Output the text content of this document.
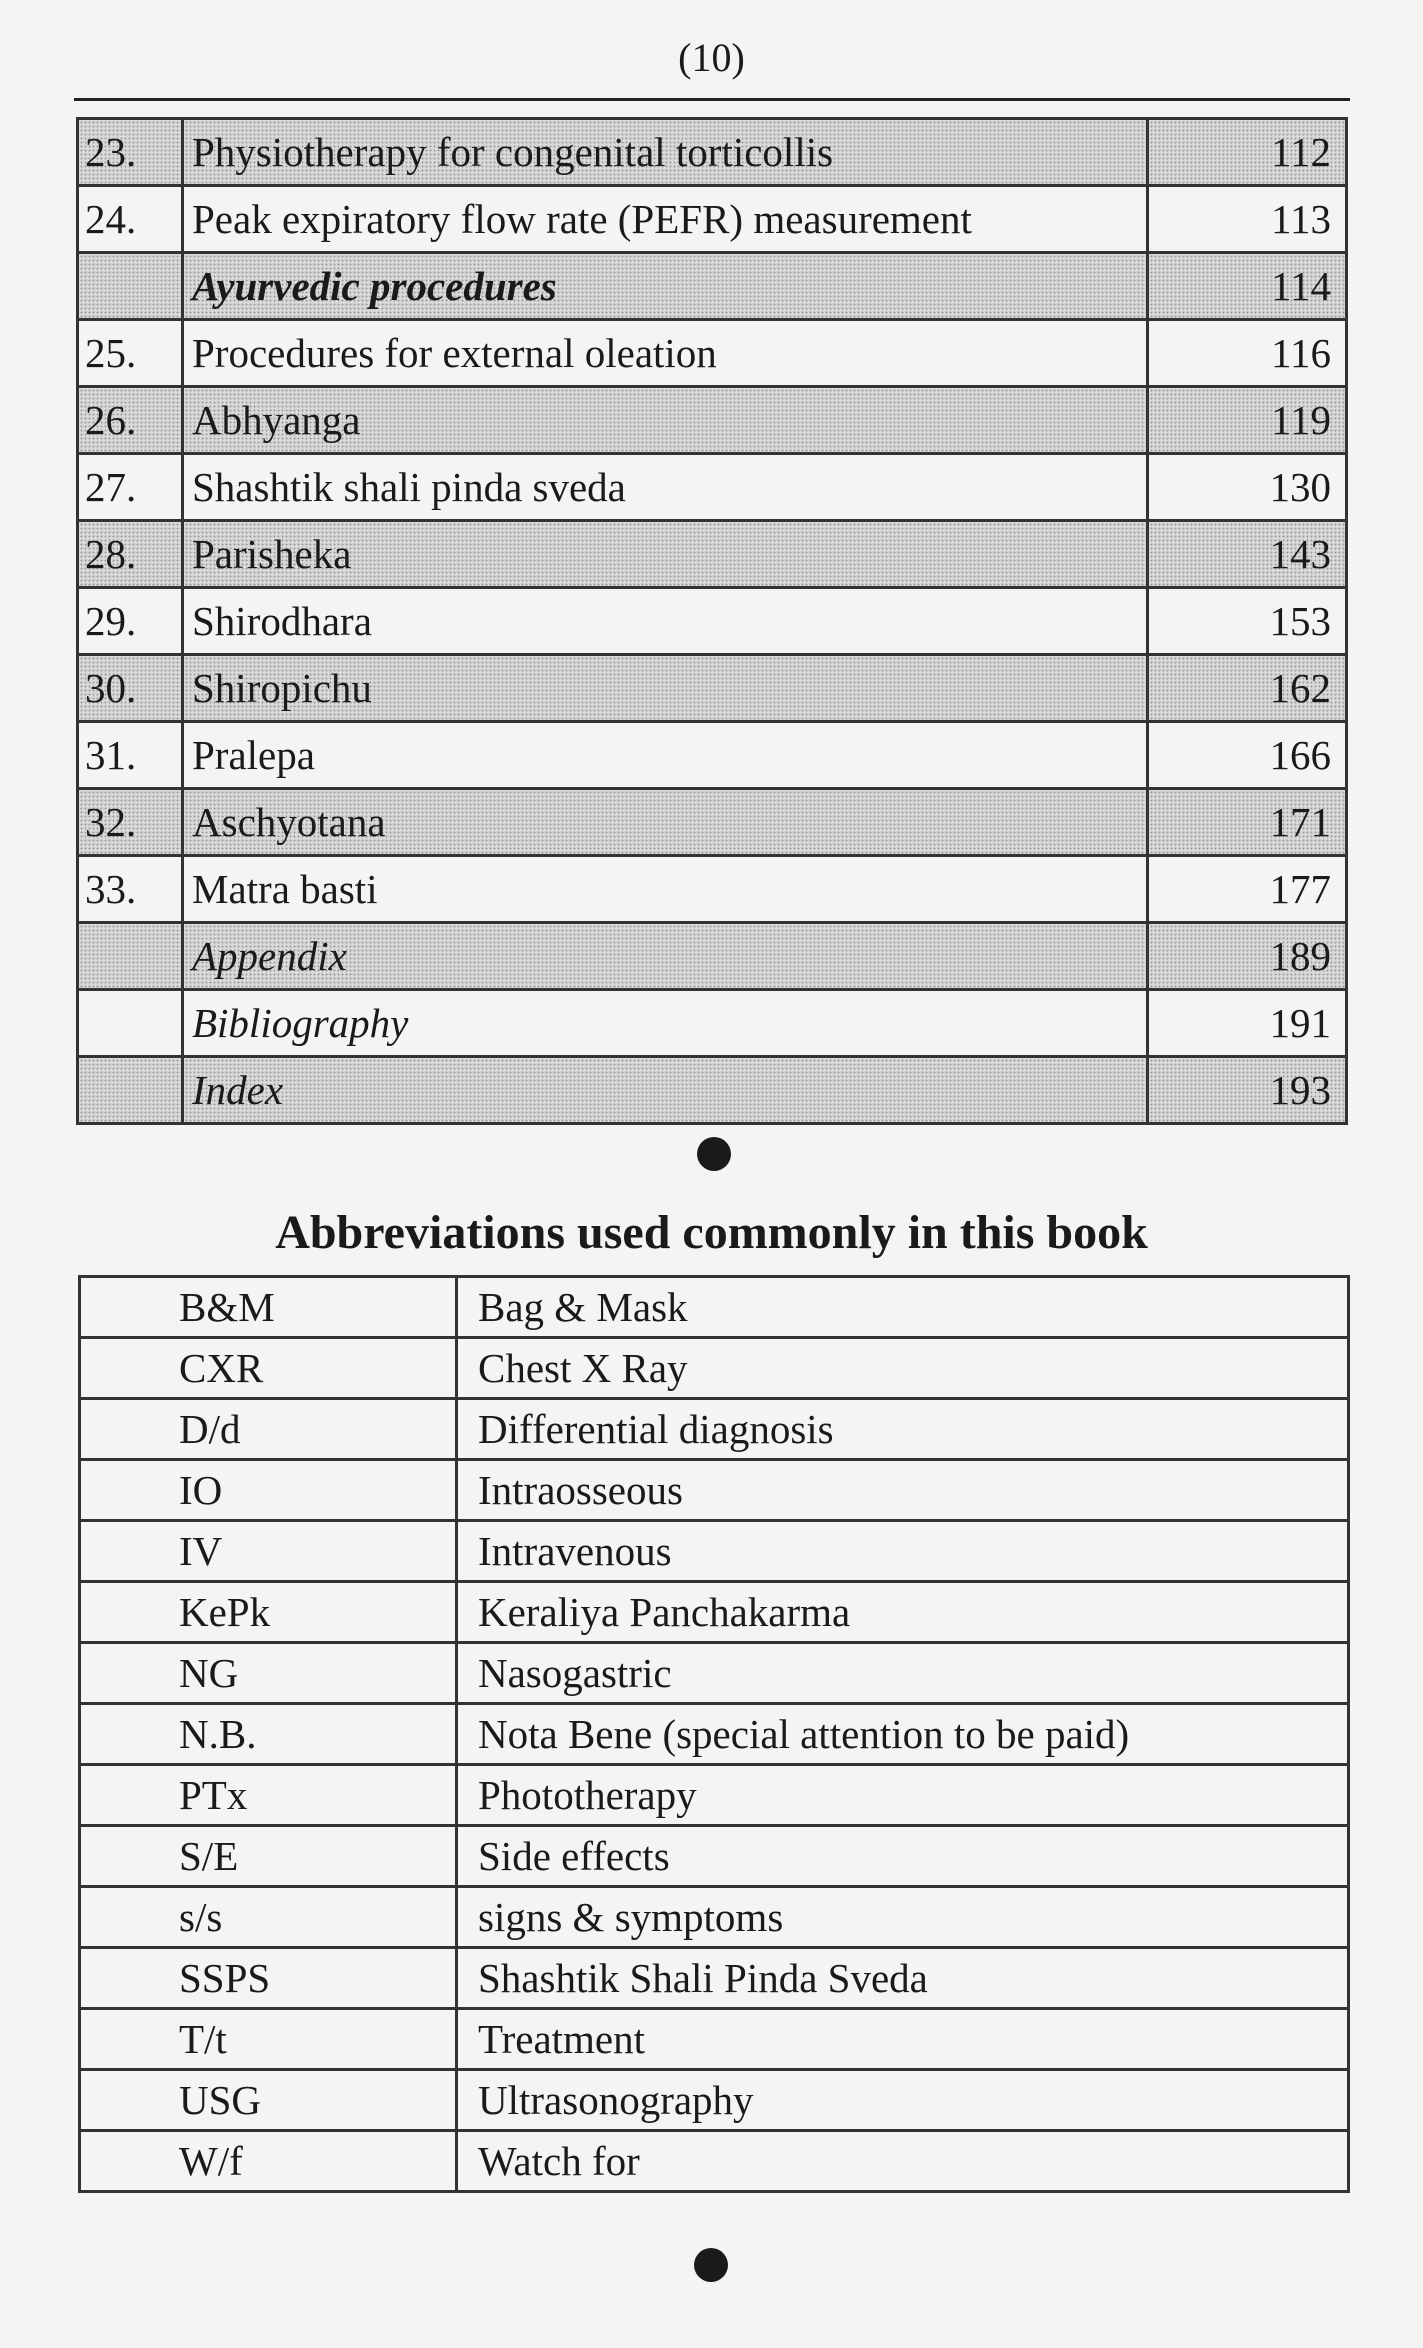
(10)
23.	Physiotherapy for congenital torticollis	112
24.	Peak expiratory flow rate (PEFR) measurement	113
	Ayurvedic procedures	114
25.	Procedures for external oleation	116
26.	Abhyanga	119
27.	Shashtik shali pinda sveda	130
28.	Parisheka	143
29.	Shirodhara	153
30.	Shiropichu	162
31.	Pralepa	166
32.	Aschyotana	171
33.	Matra basti	177
	Appendix	189
	Bibliography	191
	Index	193
Abbreviations used commonly in this book
B&M	Bag & Mask
CXR	Chest X Ray
D/d	Differential diagnosis
IO	Intraosseous
IV	Intravenous
KePk	Keraliya Panchakarma
NG	Nasogastric
N.B.	Nota Bene (special attention to be paid)
PTx	Phototherapy
S/E	Side effects
s/s	signs & symptoms
SSPS	Shashtik Shali Pinda Sveda
T/t	Treatment
USG	Ultrasonography
W/f	Watch for
